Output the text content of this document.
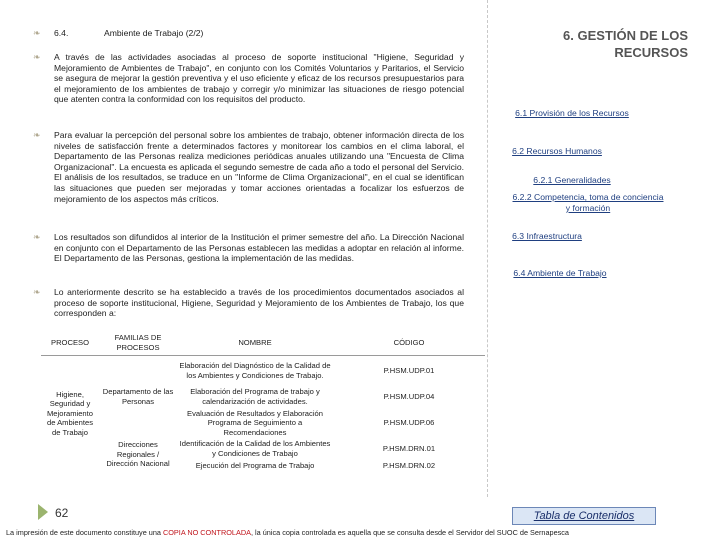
❧ 6.4.	Ambiente de Trabajo (2/2)
❧ A través de las actividades asociadas al proceso de soporte institucional "Higiene, Seguridad y Mejoramiento de Ambientes de Trabajo", en conjunto con los Comités Voluntarios y Paritarios, el Servicio se asegura de mejorar la gestión preventiva y el uso eficiente y eficaz de los recursos presupuestarios para el mejoramiento de los ambientes de trabajo y corregir y/o minimizar las situaciones de riesgo potencial que atenten contra la conformidad con los requisitos del producto.
❧ Para evaluar la percepción del personal sobre los ambientes de trabajo, obtener información directa de los niveles de satisfacción frente a determinados factores y monitorear los cambios en el clima laboral, el Departamento de las Personas realiza mediciones periódicas anuales utilizando una "Encuesta de Clima Organizacional". La encuesta es aplicada el segundo semestre de cada año a todo el personal del Servicio. El análisis de los resultados, se traduce en un "Informe de Clima Organizacional", en el cual se identifican las situaciones que pueden ser mejoradas y tomar acciones orientadas a focalizar los esfuerzos de mejoramiento de los aspectos más críticos.
❧ Los resultados son difundidos al interior de la Institución el primer semestre del año. La Dirección Nacional en conjunto con el Departamento de las Personas establecen las medidas a adoptar en relación al informe. El Departamento de las Personas, gestiona la implementación de las medidas.
❧ Lo anteriormente descrito se ha establecido a través de los procedimientos documentados asociados al proceso de soporte institucional, Higiene, Seguridad y Mejoramiento de los Ambientes de Trabajo, los que corresponden a:
PROCESO	FAMILIAS DE PROCESOS	NOMBRE	CÓDIGO
Higiene, Seguridad y Mejoramiento de Ambientes de Trabajo	Departamento de las Personas	Elaboración del Diagnóstico de la Calidad de los Ambientes y Condiciones de Trabajo.	P.HSM.UDP.01
		Elaboración del Programa de trabajo y calendarización de actividades.	P.HSM.UDP.04
		Evaluación de Resultados y Elaboración Programa de Seguimiento a Recomendaciones	P.HSM.UDP.06
	Direcciones Regionales / Dirección Nacional	Identificación de la Calidad de los Ambientes y Condiciones de Trabajo	P.HSM.DRN.01
		Ejecución del Programa de Trabajo	P.HSM.DRN.02
6. GESTIÓN DE LOS RECURSOS
6.1 Provisión de los Recursos
6.2 Recursos Humanos
6.2.1 Generalidades
6.2.2 Competencia, toma de conciencia y formación
6.3 Infraestructura
6.4 Ambiente de Trabajo
62	Tabla de Contenidos
La impresión de este documento constituye una COPIA NO CONTROLADA, la única copia controlada es aquella que se consulta desde el Servidor del SUOC de Sernapesca
